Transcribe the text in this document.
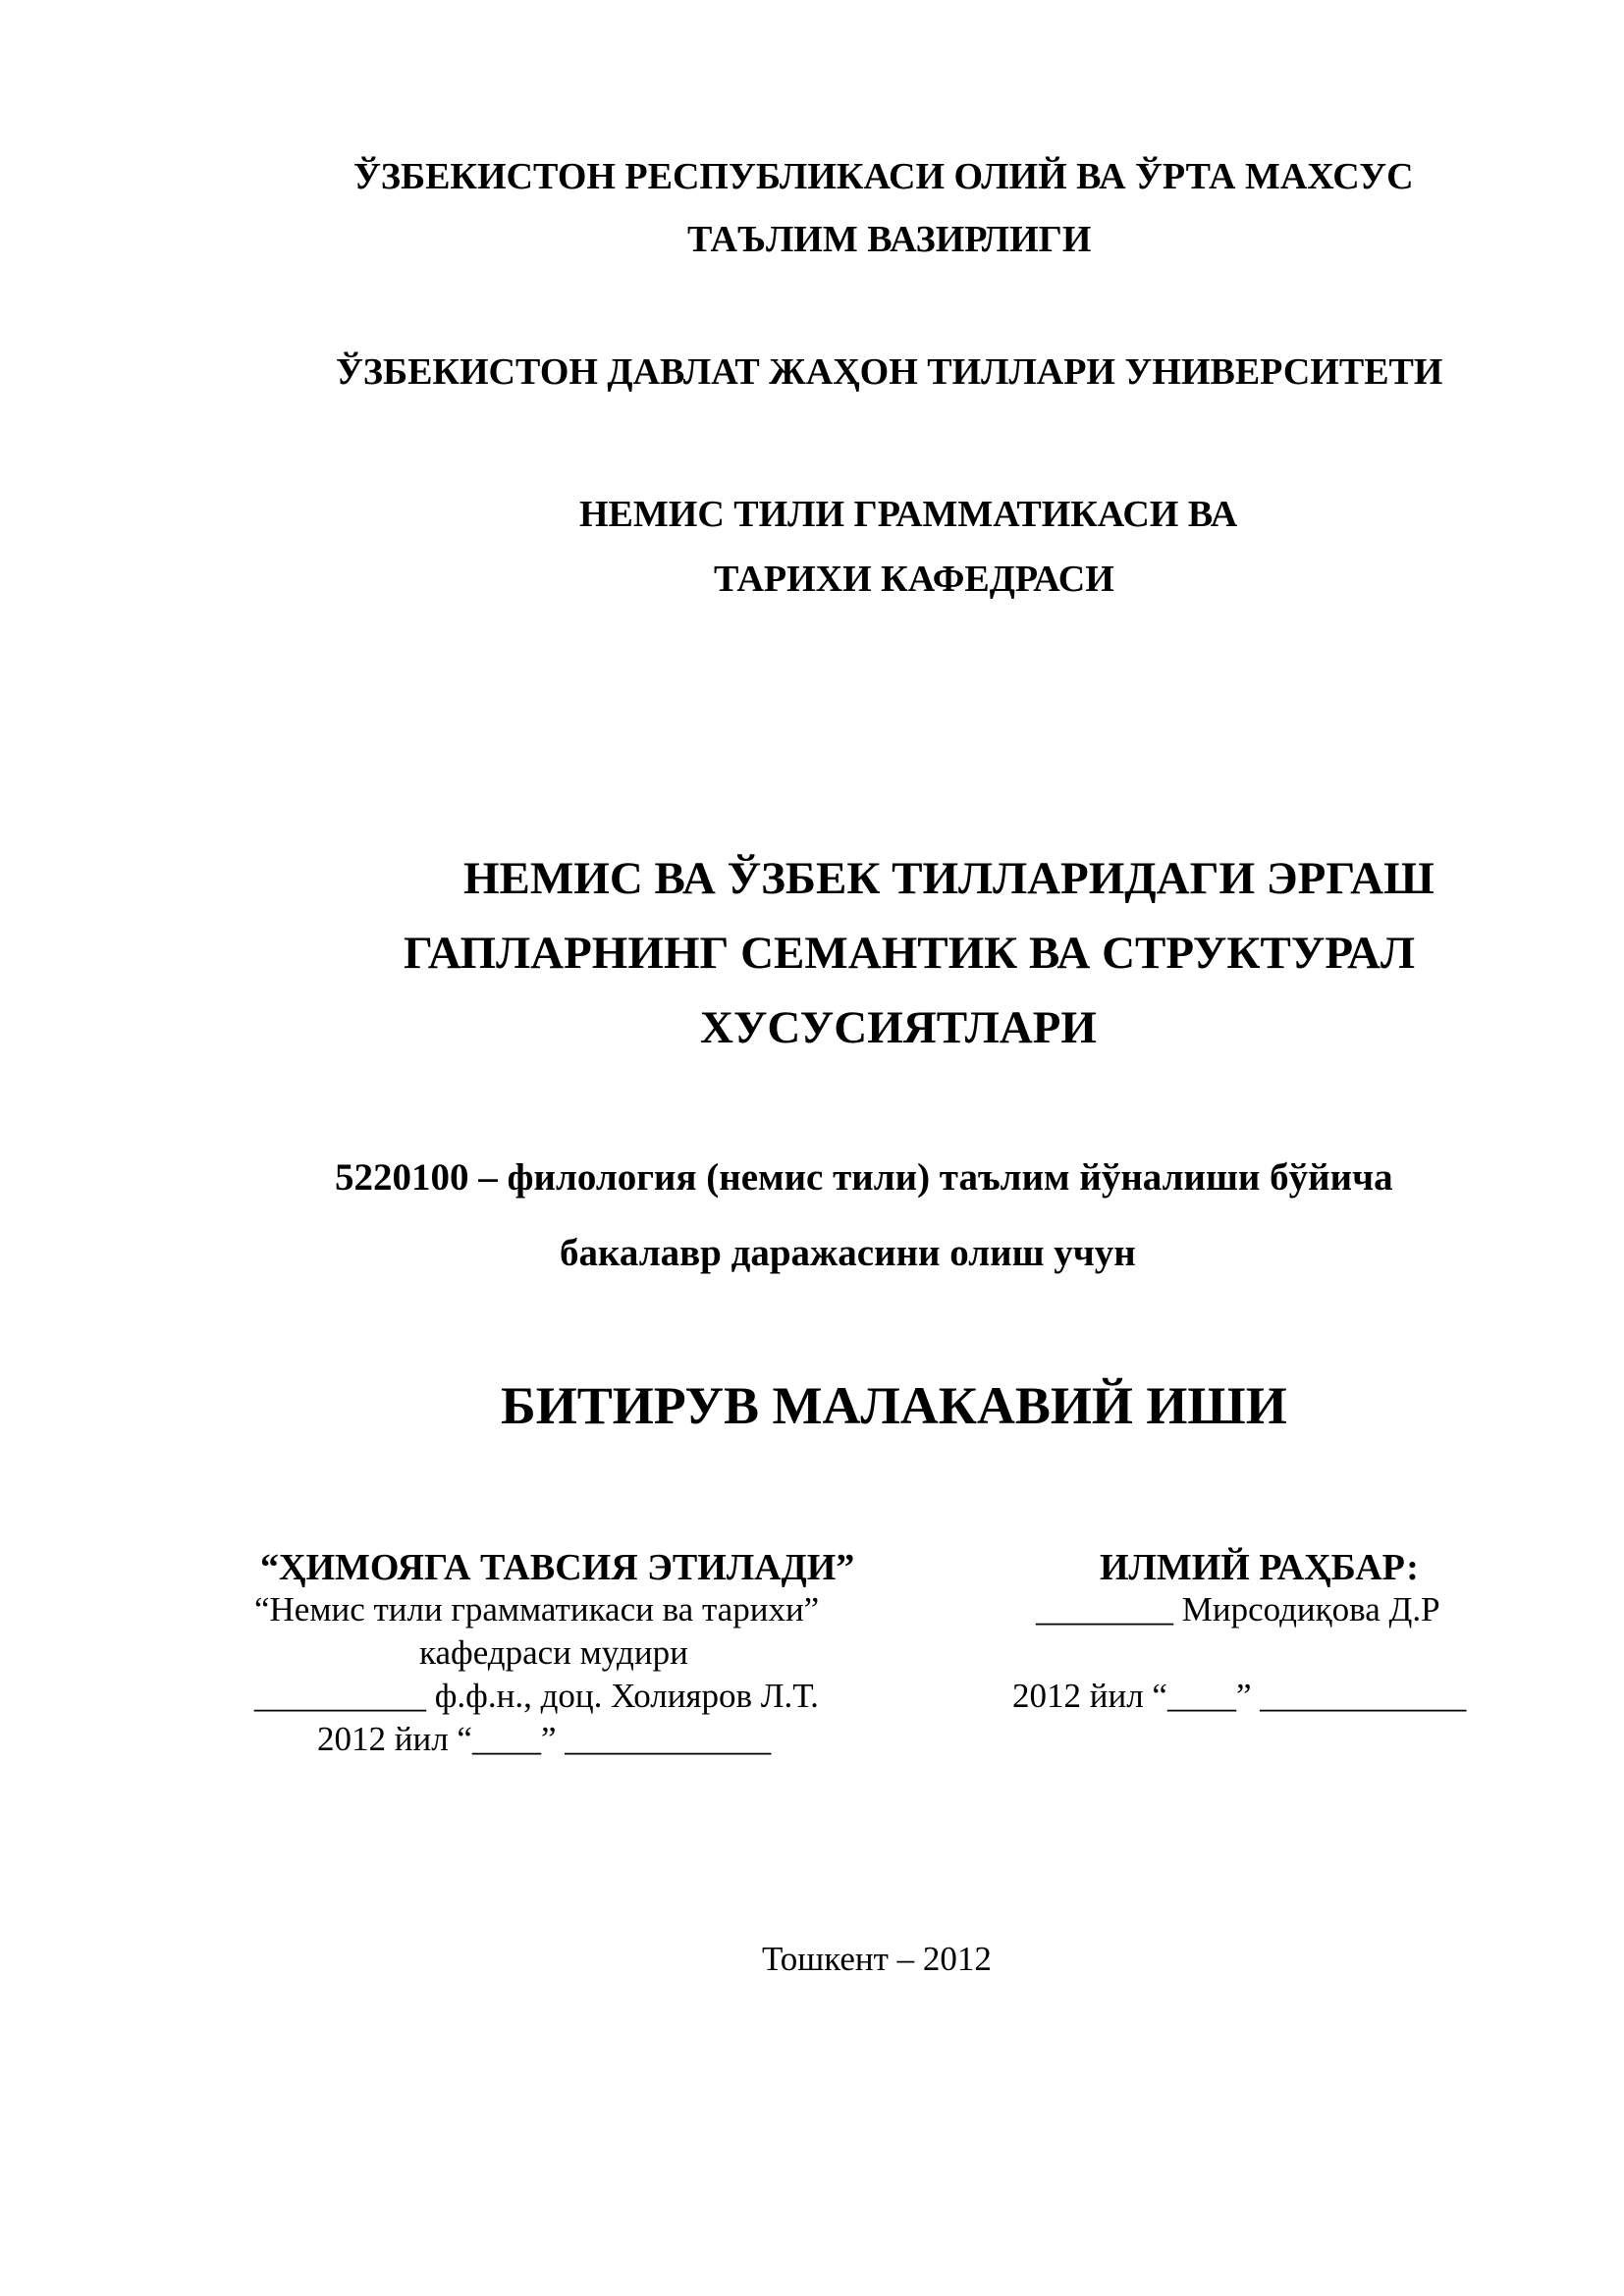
ЎЗБЕКИСТОН РЕСПУБЛИКАСИ ОЛИЙ ВА ЎРТА МАХСУС
ТАЪЛИМ ВАЗИРЛИГИ
ЎЗБЕКИСТОН ДАВЛАТ ЖАҲОН ТИЛЛАРИ УНИВЕРСИТЕТИ
НЕМИС ТИЛИ ГРАММАТИКАСИ ВА
ТАРИХИ КАФЕДРАСИ
НЕМИС ВА ЎЗБЕК ТИЛЛАРИДАГИ ЭРГАШ
ГАПЛАРНИНГ СЕМАНТИК ВА СТРУКТУРАЛ
ХУСУСИЯТЛАРИ
5220100 – филология (немис тили) таълим йўналиши бўйича
бакалавр даражасини олиш учун
БИТИРУВ МАЛАКАВИЙ ИШИ
“ҲИМОЯГА ТАВСИЯ ЭТИЛАДИ”
“Немис тили грамматикаси ва тарихи”
кафедраси мудири
__________ ф.ф.н., доц. Холияров Л.Т.
2012 йил “____” ____________
ИЛМИЙ РАҲБАР:
________ Мирсодиқова Д.Р
2012 йил “____” ____________
Тошкент – 2012
